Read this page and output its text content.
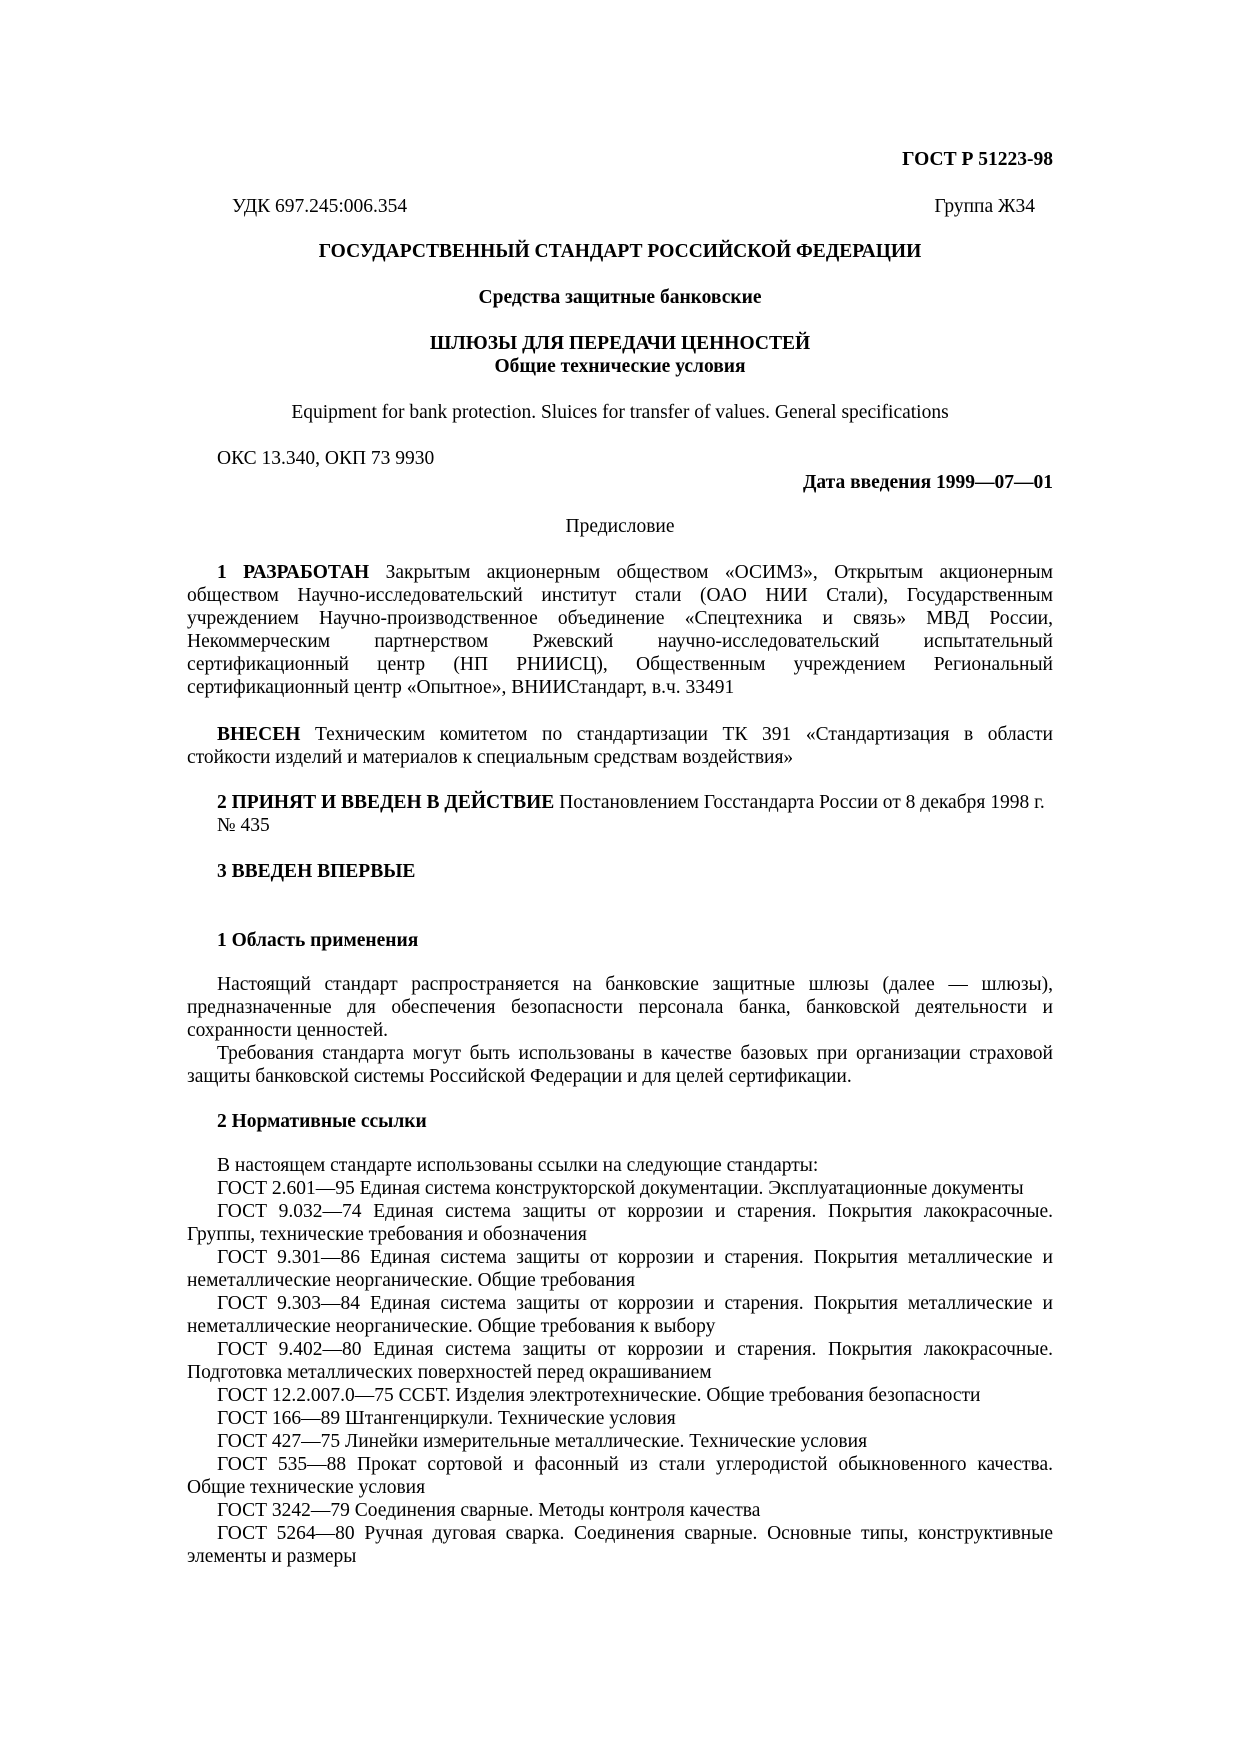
ГОСТ Р 51223-98
УДК 697.245:006.354	Группа Ж34
ГОСУДАРСТВЕННЫЙ СТАНДАРТ РОССИЙСКОЙ ФЕДЕРАЦИИ
Средства защитные банковские
ШЛЮЗЫ ДЛЯ ПЕРЕДАЧИ ЦЕННОСТЕЙ
Общие технические условия
Equipment for bank protection. Sluices for transfer of values. General specifications
ОКС 13.340, ОКП 73 9930
Дата введения 1999—07—01
Предисловие

1 РАЗРАБОТАН Закрытым акционерным обществом «ОСИМЗ», Открытым акционерным обществом Научно-исследовательский институт стали (ОАО НИИ Стали), Государственным учреждением Научно-производственное объединение «Спецтехника и связь» МВД России, Некоммерческим партнерством Ржевский научно-исследовательский испытательный сертификационный центр (НП РНИИСЦ), Общественным учреждением Региональный сертификационный центр «Опытное», ВНИИСтандарт, в.ч. 33491

ВНЕСЕН Техническим комитетом по стандартизации ТК 391 «Стандартизация в области стойкости изделий и материалов к специальным средствам воздействия»

2 ПРИНЯТ И ВВЕДЕН В ДЕЙСТВИЕ Постановлением Госстандарта России от 8 декабря 1998 г. № 435

3 ВВЕДЕН ВПЕРВЫЕ
1 Область применения

Настоящий стандарт распространяется на банковские защитные шлюзы (далее — шлюзы), предназначенные для обеспечения безопасности персонала банка, банковской деятельности и сохранности ценностей.

Требования стандарта могут быть использованы в качестве базовых при организации страховой защиты банковской системы Российской Федерации и для целей сертификации.

2 Нормативные ссылки

В настоящем стандарте использованы ссылки на следующие стандарты:

ГОСТ 2.601—95 Единая система конструкторской документации. Эксплуатационные документы

ГОСТ 9.032—74 Единая система защиты от коррозии и старения. Покрытия лакокрасочные. Группы, технические требования и обозначения

ГОСТ 9.301—86 Единая система защиты от коррозии и старения. Покрытия металлические и неметаллические неорганические. Общие требования

ГОСТ 9.303—84 Единая система защиты от коррозии и старения. Покрытия металлические и неметаллические неорганические. Общие требования к выбору

ГОСТ 9.402—80 Единая система защиты от коррозии и старения. Покрытия лакокрасочные. Подготовка металлических поверхностей перед окрашиванием

ГОСТ 12.2.007.0—75 ССБТ. Изделия электротехнические. Общие требования безопасности

ГОСТ 166—89 Штангенциркули. Технические условия

ГОСТ 427—75 Линейки измерительные металлические. Технические условия

ГОСТ 535—88 Прокат сортовой и фасонный из стали углеродистой обыкновенного качества. Общие технические условия

ГОСТ 3242—79 Соединения сварные. Методы контроля качества

ГОСТ 5264—80 Ручная дуговая сварка. Соединения сварные. Основные типы, конструктивные элементы и размеры
